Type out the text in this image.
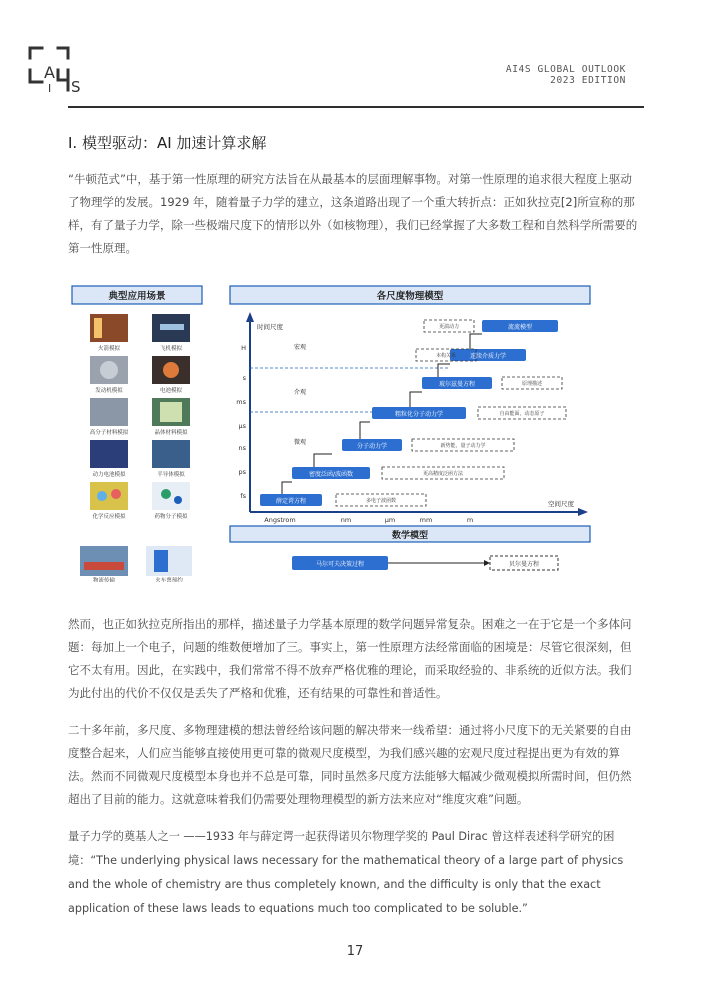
A
I S
AI4S GLOBAL OUTLOOK
2023 EDITION
I. 模型驱动：AI 加速计算求解

“牛顿范式”中，基于第一性原理的研究方法旨在从最基本的层面理解事物。对第一性原理的追求很大程度上驱动了物理学的发展。1929 年，随着量子力学的建立，这条道路出现了一个重大转折点：正如狄拉克[2]所宣称的那样，有了量子力学，除一些极端尺度下的情形以外（如核物理），我们已经掌握了大多数工程和自然科学所需要的第一性原理。

典型应用场景
火箭模拟	飞机模拟
发动机模拟	电池模拟
高分子材料模拟	晶体材料模拟
动力电池模拟	半导体模拟
化学反应模拟	药物分子模拟
物流传输	火车票预约
各尺度物理模型
时间尺度
空间尺度
H
s
ms
μs
ns
ps
fs
Angstrom	nm	μm	mm	m
宏观
介观
微观
薛定谔方程
密度泛函/波函数
分子动力学
粗粒化分子动力学
玻尔兹曼方程
连续介质力学
流流模型
多电子波函数
更高精度泛函方法
新势能，量子动力学
自由能面，动态原子
原理描述
本构关系
更湍动力
数学模型
马尔可夫决策过程	贝尔曼方程

然而，也正如狄拉克所指出的那样，描述量子力学基本原理的数学问题异常复杂。困难之一在于它是一个多体问题：每加上一个电子，问题的维数便增加了三。事实上，第一性原理方法经常面临的困境是：尽管它很深刻，但它不太有用。因此，在实践中，我们常常不得不放弃严格优雅的理论，而采取经验的、非系统的近似方法。我们为此付出的代价不仅仅是丢失了严格和优雅，还有结果的可靠性和普适性。

二十多年前，多尺度、多物理建模的想法曾经给该问题的解决带来一线希望：通过将小尺度下的无关紧要的自由度整合起来，人们应当能够直接使用更可靠的微观尺度模型，为我们感兴趣的宏观尺度过程提出更为有效的算法。然而不同微观尺度模型本身也并不总是可靠，同时虽然多尺度方法能够大幅减少微观模拟所需时间，但仍然超出了目前的能力。这就意味着我们仍需要处理物理模型的新方法来应对“维度灾难”问题。

量子力学的奠基人之一 ——1933 年与薛定谔一起获得诺贝尔物理学奖的 Paul Dirac 曾这样表述科学研究的困境：“The underlying physical laws necessary for the mathematical theory of a large part of physics and the whole of chemistry are thus completely known, and the difficulty is only that the exact application of these laws leads to equations much too complicated to be soluble.”

17
